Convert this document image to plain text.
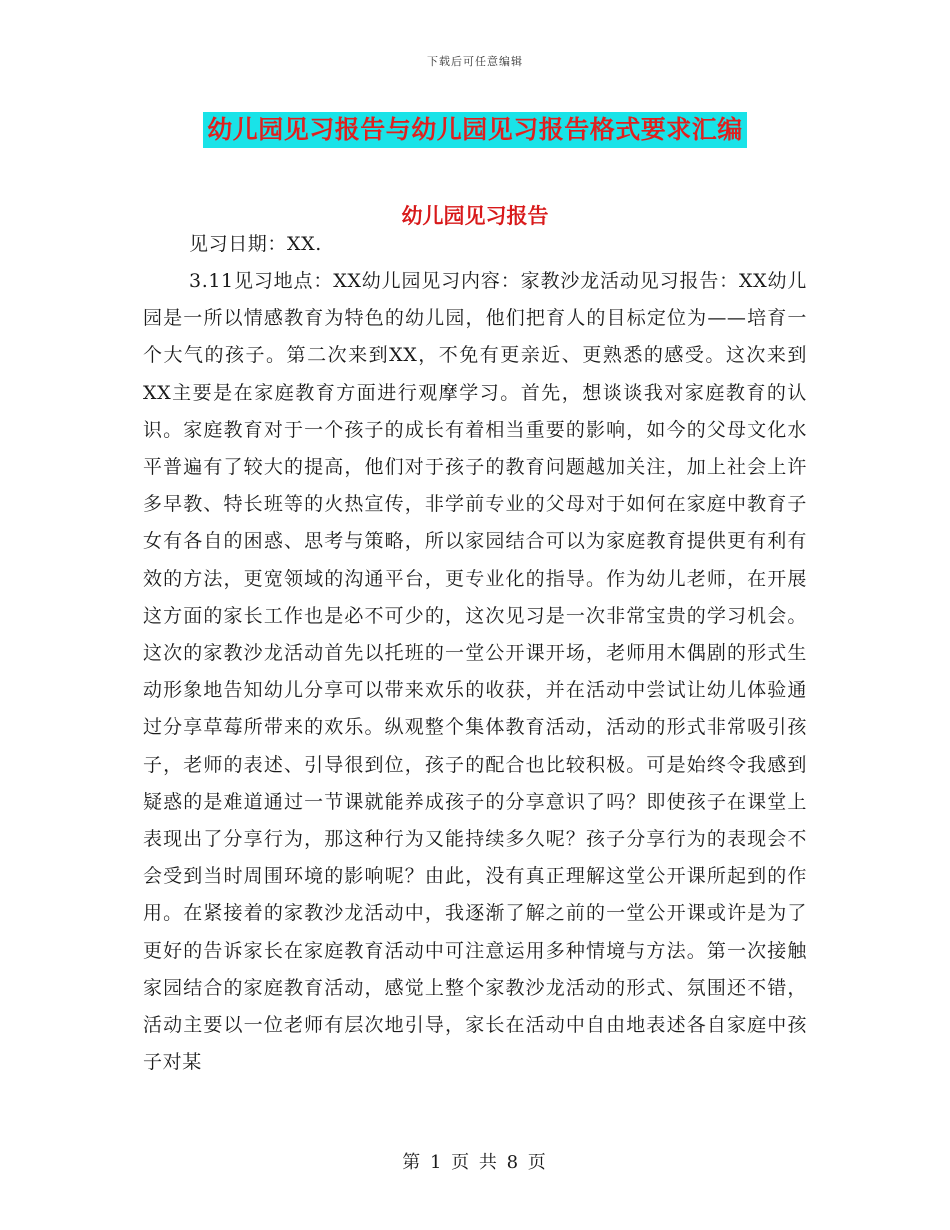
下载后可任意编辑
幼儿园见习报告与幼儿园见习报告格式要求汇编
幼儿园见习报告
见习日期：XX.
3.11见习地点：XX幼儿园见习内容：家教沙龙活动见习报告：XX幼儿园是一所以情感教育为特色的幼儿园，他们把育人的目标定位为——培育一个大气的孩子。第二次来到XX，不免有更亲近、更熟悉的感受。这次来到XX主要是在家庭教育方面进行观摩学习。首先，想谈谈我对家庭教育的认识。家庭教育对于一个孩子的成长有着相当重要的影响，如今的父母文化水平普遍有了较大的提高，他们对于孩子的教育问题越加关注，加上社会上许多早教、特长班等的火热宣传，非学前专业的父母对于如何在家庭中教育子女有各自的困惑、思考与策略，所以家园结合可以为家庭教育提供更有利有效的方法，更宽领域的沟通平台，更专业化的指导。作为幼儿老师，在开展这方面的家长工作也是必不可少的，这次见习是一次非常宝贵的学习机会。这次的家教沙龙活动首先以托班的一堂公开课开场，老师用木偶剧的形式生动形象地告知幼儿分享可以带来欢乐的收获，并在活动中尝试让幼儿体验通过分享草莓所带来的欢乐。纵观整个集体教育活动，活动的形式非常吸引孩子，老师的表述、引导很到位，孩子的配合也比较积极。可是始终令我感到疑惑的是难道通过一节课就能养成孩子的分享意识了吗？即使孩子在课堂上表现出了分享行为，那这种行为又能持续多久呢？孩子分享行为的表现会不会受到当时周围环境的影响呢？由此，没有真正理解这堂公开课所起到的作用。在紧接着的家教沙龙活动中，我逐渐了解之前的一堂公开课或许是为了更好的告诉家长在家庭教育活动中可注意运用多种情境与方法。第一次接触家园结合的家庭教育活动，感觉上整个家教沙龙活动的形式、氛围还不错，活动主要以一位老师有层次地引导，家长在活动中自由地表述各自家庭中孩子对某
第 1 页 共 8 页
